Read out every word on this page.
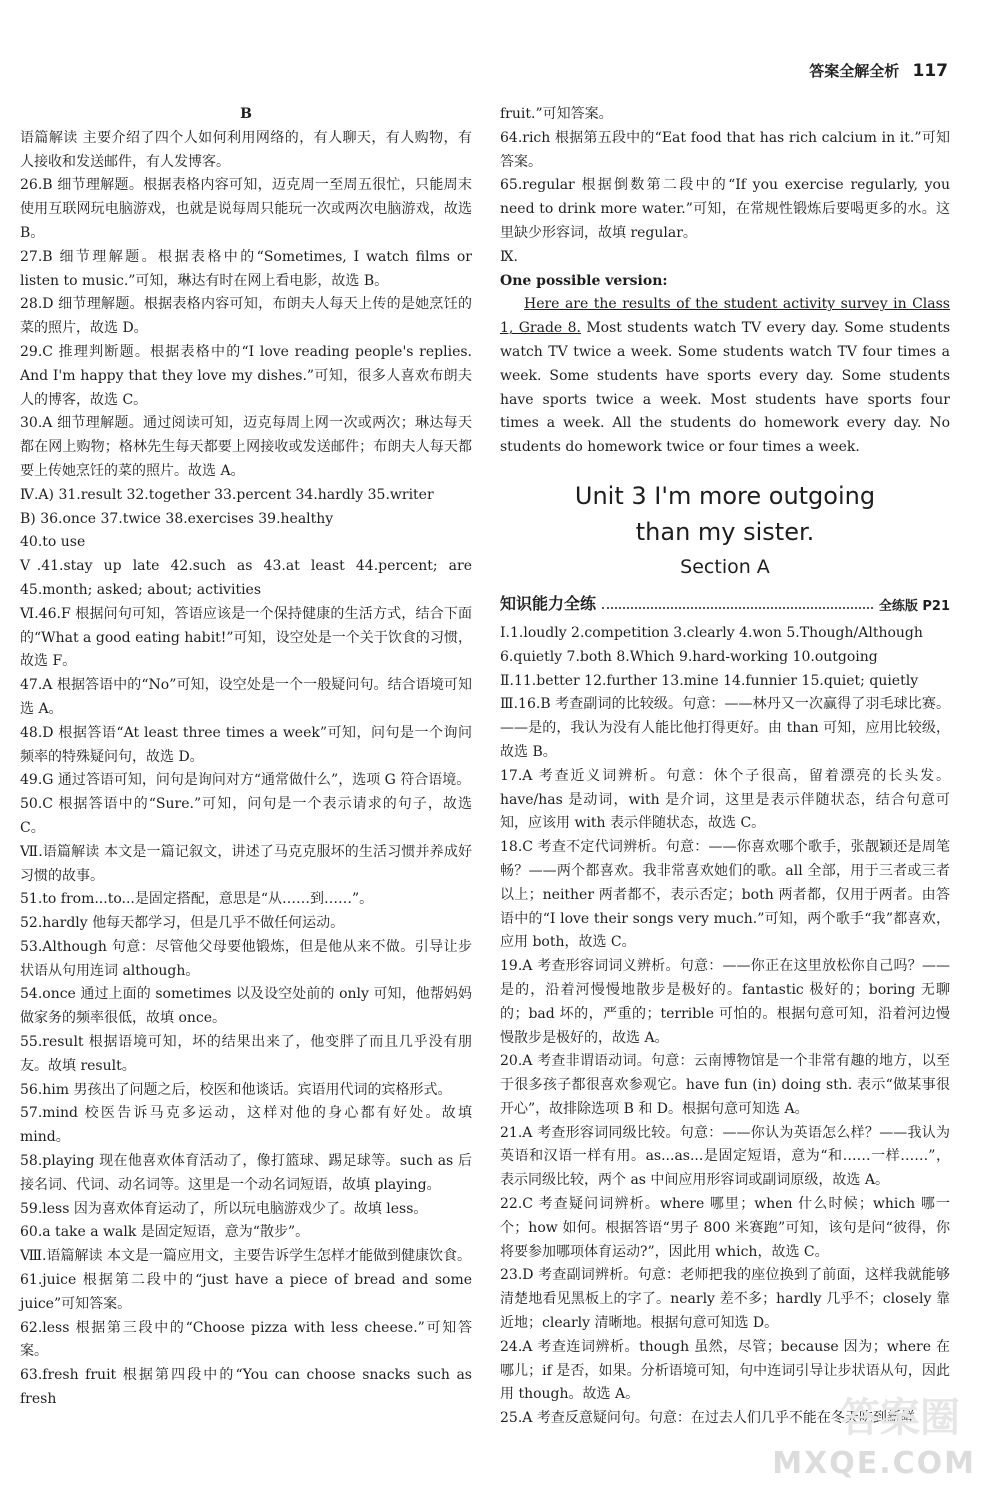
答案全解全析 117

B

语篇解读 主要介绍了四个人如何利用网络的，有人聊天，有人购物，有人接收和发送邮件，有人发博客。

26.B 细节理解题。根据表格内容可知，迈克周一至周五很忙，只能周末使用互联网玩电脑游戏，也就是说每周只能玩一次或两次电脑游戏，故选 B。

27.B 细节理解题。根据表格中的“Sometimes, I watch films or listen to music.”可知，琳达有时在网上看电影，故选 B。

28.D 细节理解题。根据表格内容可知，布朗夫人每天上传的是她烹饪的菜的照片，故选 D。

29.C 推理判断题。根据表格中的“I love reading people's replies. And I'm happy that they love my dishes.”可知，很多人喜欢布朗夫人的博客，故选 C。

30.A 细节理解题。通过阅读可知，迈克每周上网一次或两次；琳达每天都在网上购物；格林先生每天都要上网接收或发送邮件；布朗夫人每天都要上传她烹饪的菜的照片。故选 A。

Ⅳ.A) 31.result 32.together 33.percent 34.hardly 35.writer

B) 36.once 37.twice 38.exercises 39.healthy

40.to use

Ⅴ.41.stay up late 42.such as 43.at least 44.percent; are 45.month; asked; about; activities

Ⅵ.46.F 根据问句可知，答语应该是一个保持健康的生活方式，结合下面的“What a good eating habit!”可知，设空处是一个关于饮食的习惯，故选 F。

47.A 根据答语中的“No”可知，设空处是一个一般疑问句。结合语境可知选 A。

48.D 根据答语“At least three times a week”可知，问句是一个询问频率的特殊疑问句，故选 D。

49.G 通过答语可知，问句是询问对方“通常做什么”，选项 G 符合语境。

50.C 根据答语中的“Sure.”可知，问句是一个表示请求的句子，故选 C。

Ⅶ.语篇解读 本文是一篇记叙文，讲述了马克克服坏的生活习惯并养成好习惯的故事。

51.to from...to...是固定搭配，意思是“从……到……”。

52.hardly 他每天都学习，但是几乎不做任何运动。

53.Although 句意：尽管他父母要他锻炼，但是他从来不做。引导让步状语从句用连词 although。

54.once 通过上面的 sometimes 以及设空处前的 only 可知，他帮妈妈做家务的频率很低，故填 once。

55.result 根据语境可知，坏的结果出来了，他变胖了而且几乎没有朋友。故填 result。

56.him 男孩出了问题之后，校医和他谈话。宾语用代词的宾格形式。

57.mind 校医告诉马克多运动，这样对他的身心都有好处。故填 mind。

58.playing 现在他喜欢体育活动了，像打篮球、踢足球等。such as 后接名词、代词、动名词等。这里是一个动名词短语，故填 playing。

59.less 因为喜欢体育运动了，所以玩电脑游戏少了。故填 less。

60.a take a walk 是固定短语，意为“散步”。

Ⅷ.语篇解读 本文是一篇应用文，主要告诉学生怎样才能做到健康饮食。

61.juice 根据第二段中的“just have a piece of bread and some juice”可知答案。

62.less 根据第三段中的“Choose pizza with less cheese.”可知答案。

63.fresh fruit 根据第四段中的“You can choose snacks such as fresh

fruit.”可知答案。

64.rich 根据第五段中的“Eat food that has rich calcium in it.”可知答案。

65.regular 根据倒数第二段中的“If you exercise regularly, you need to drink more water.”可知，在常规性锻炼后要喝更多的水。这里缺少形容词，故填 regular。

Ⅸ.

One possible version:

Here are the results of the student activity survey in Class 1, Grade 8. Most students watch TV every day. Some students watch TV twice a week. Some students watch TV four times a week. Some students have sports every day. Some students have sports twice a week. Most students have sports four times a week. All the students do homework every day. No students do homework twice or four times a week.

Unit 3 I'm more outgoing
than my sister.
Section A
知识能力全练	全练版 P21

Ⅰ.1.loudly 2.competition 3.clearly 4.won 5.Though/Although

6.quietly 7.both 8.Which 9.hard-working 10.outgoing

Ⅱ.11.better 12.further 13.mine 14.funnier 15.quiet; quietly

Ⅲ.16.B 考查副词的比较级。句意：——林丹又一次赢得了羽毛球比赛。——是的，我认为没有人能比他打得更好。由 than 可知，应用比较级，故选 B。

17.A 考查近义词辨析。句意：休个子很高，留着漂亮的长头发。have/has 是动词，with 是介词，这里是表示伴随状态，结合句意可知，应该用 with 表示伴随状态，故选 C。

18.C 考查不定代词辨析。句意：——你喜欢哪个歌手，张靓颖还是周笔畅？——两个都喜欢。我非常喜欢她们的歌。all 全部，用于三者或三者以上；neither 两者都不，表示否定；both 两者都，仅用于两者。由答语中的“I love their songs very much.”可知，两个歌手“我”都喜欢，应用 both，故选 C。

19.A 考查形容词词义辨析。句意：——你正在这里放松你自己吗？——是的，沿着河慢慢地散步是极好的。fantastic 极好的；boring 无聊的；bad 坏的，严重的；terrible 可怕的。根据句意可知，沿着河边慢慢散步是极好的，故选 A。

20.A 考查非谓语动词。句意：云南博物馆是一个非常有趣的地方，以至于很多孩子都很喜欢参观它。have fun (in) doing sth. 表示“做某事很开心”，故排除选项 B 和 D。根据句意可知选 A。

21.A 考查形容词同级比较。句意：——你认为英语怎么样？——我认为英语和汉语一样有用。as...as...是固定短语，意为“和……一样……”，表示同级比较，两个 as 中间应用形容词或副词原级，故选 A。

22.C 考查疑问词辨析。where 哪里；when 什么时候；which 哪一个；how 如何。根据答语“男子 800 米赛跑”可知，该句是问“彼得，你将要参加哪项体育运动?”，因此用 which，故选 C。

23.D 考查副词辨析。句意：老师把我的座位换到了前面，这样我就能够清楚地看见黑板上的字了。nearly 差不多；hardly 几乎不；closely 靠近地；clearly 清晰地。根据句意可知选 D。

24.A 考查连词辨析。though 虽然，尽管；because 因为；where 在哪儿；if 是否，如果。分析语境可知，句中连词引导让步状语从句，因此用 though。故选 A。

25.A 考查反意疑问句。句意：在过去人们几乎不能在冬天吃到新鲜

答案圈
MXQE.COM
